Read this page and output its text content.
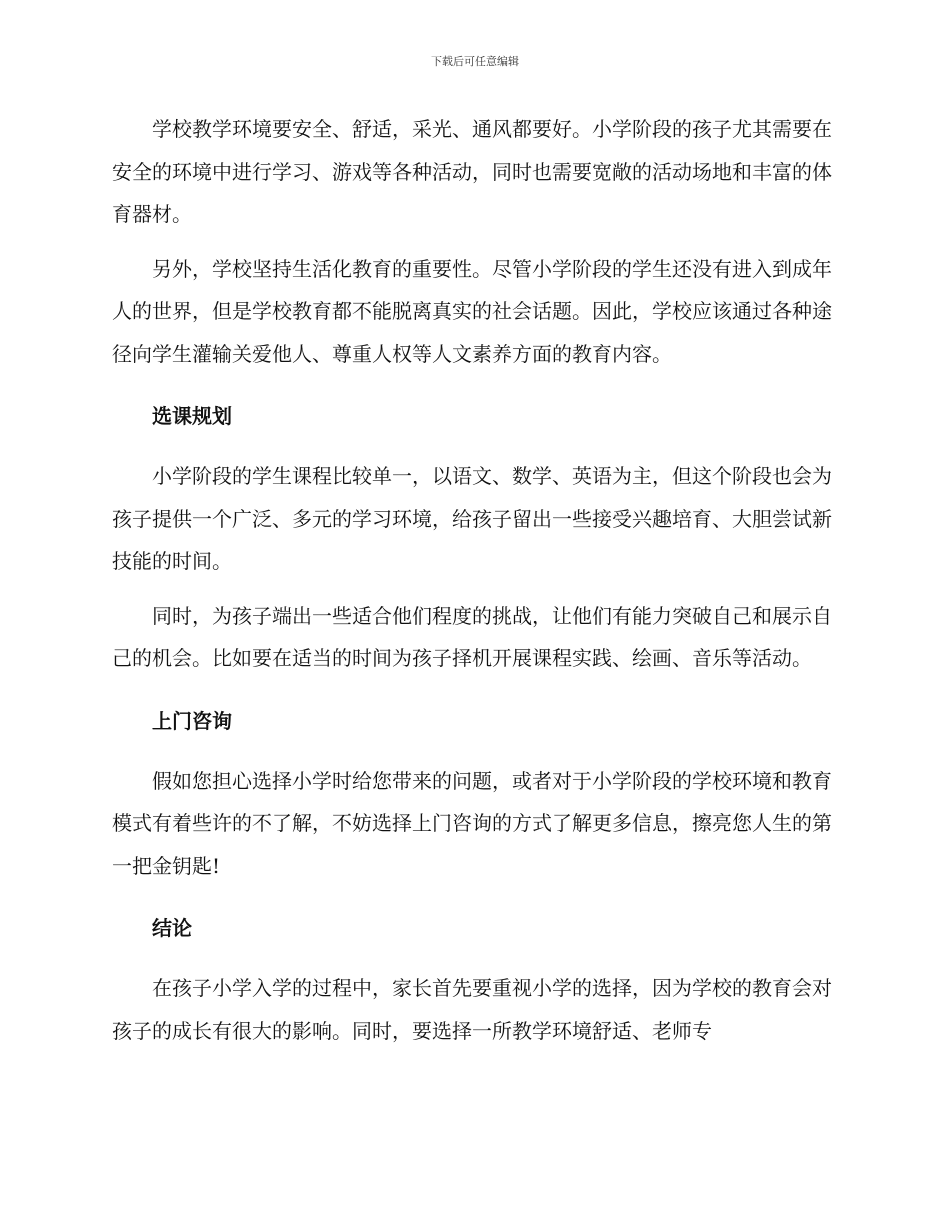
下载后可任意编辑

学校教学环境要安全、舒适，采光、通风都要好。小学阶段的孩子尤其需要在安全的环境中进行学习、游戏等各种活动，同时也需要宽敞的活动场地和丰富的体育器材。

另外，学校坚持生活化教育的重要性。尽管小学阶段的学生还没有进入到成年人的世界，但是学校教育都不能脱离真实的社会话题。因此，学校应该通过各种途径向学生灌输关爱他人、尊重人权等人文素养方面的教育内容。

选课规划

小学阶段的学生课程比较单一，以语文、数学、英语为主，但这个阶段也会为孩子提供一个广泛、多元的学习环境，给孩子留出一些接受兴趣培育、大胆尝试新技能的时间。

同时，为孩子端出一些适合他们程度的挑战，让他们有能力突破自己和展示自己的机会。比如要在适当的时间为孩子择机开展课程实践、绘画、音乐等活动。

上门咨询

假如您担心选择小学时给您带来的问题，或者对于小学阶段的学校环境和教育模式有着些许的不了解，不妨选择上门咨询的方式了解更多信息，擦亮您人生的第一把金钥匙!

结论

在孩子小学入学的过程中，家长首先要重视小学的选择，因为学校的教育会对孩子的成长有很大的影响。同时，要选择一所教学环境舒适、老师专
